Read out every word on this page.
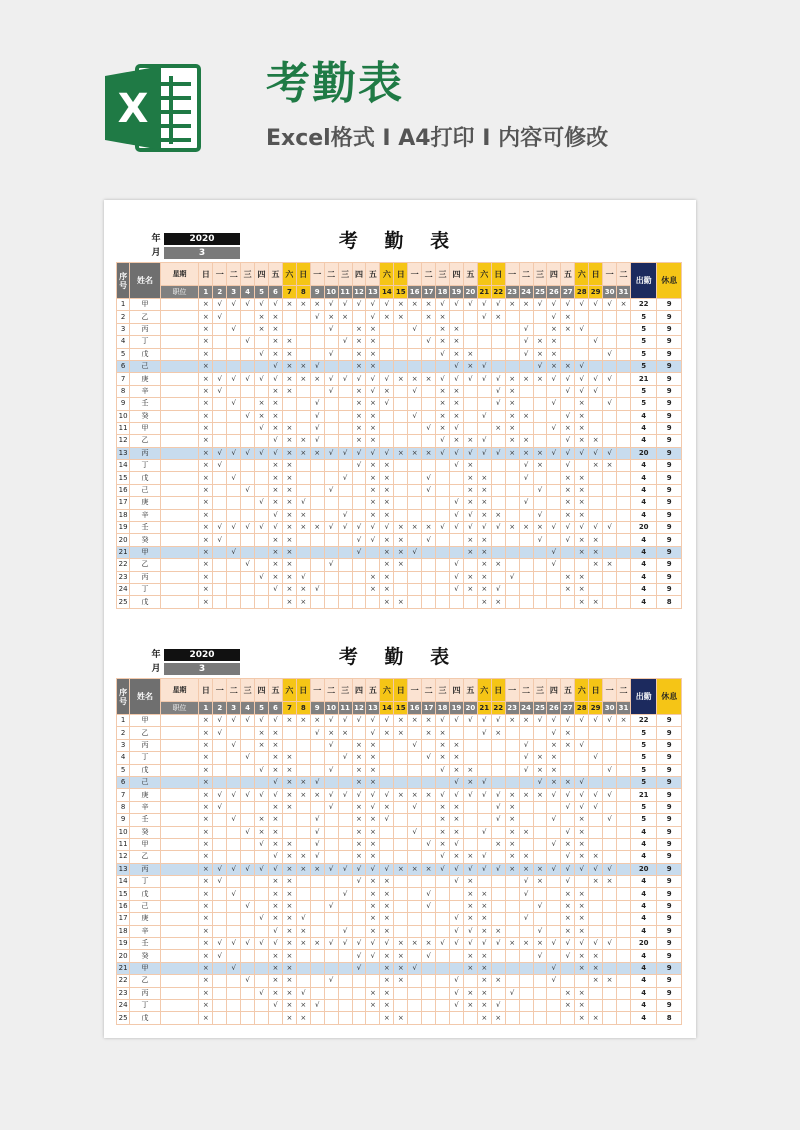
X	考勤表
Excel格式 I A4打印 I 内容可修改
年	2020
月	3
考 勤 表
序号	姓名	星期	日	一	二	三	四	五	六	日	一	二	三	四	五	六	日	一	二	三	四	五	六	日	一	二	三	四	五	六	日	一	二	出勤	休息
		职位	1	2	3	4	5	6	7	8	9	10	11	12	13	14	15	16	17	18	19	20	21	22	23	24	25	26	27	28	29	30	31		
1	甲		×	√	√	√	√	√	×	×	×	√	√	√	√	√	×	×	×	√	√	√	√	√	×	×	√	√	√	√	√	√	×	22	9
2	乙		×	√			×	×			√	×	×		√	×	×		×	×			√	×				√	×					5	9
3	丙		×		√		×	×				√		×	×			√		×	×					√		×	×	√				5	9
4	丁		×			√		×	×				√	×	×				√	×	×					√	×	×			√			5	9
5	戊		×				√	×	×			√		×	×					√	×	×				√	×	×				√		5	9
6	己		×					√	×	×	√			×	×						√	×	√				√	×	×	√				5	9
7	庚		×	√	√	√	√	√	×	×	×	√	√	√	√	√	×	×	×	√	√	√	√	√	×	×	×	√	√	√	√	√		21	9
8	辛		×	√				×	×			√		×	√	×		√		×	×			√	×				√	√	√			5	9
9	壬		×		√		×	×			√			×	×	√				×	×			√	×			√		×		√		5	9
10	癸		×			√	×	×			√			×	×			√		×	×		√		×	×			√	×				4	9
11	甲		×				√	×	×		√			×	×				√	×	√			×	×			√	×	×				4	9
12	乙		×					√	×	×	√			×	×					√	×	×	√		×	×			√	×	×			4	9
13	丙		×	√	√	√	√	√	×	×	×	√	√	√	√	√	×	×	×	√	√	√	√	√	×	×	×	√	√	√	√	√		20	9
14	丁		×	√				×	×					√	×	×					√	×				√	×		√		×	×		4	9
15	戊		×		√			×	×				√		×	×			√			×	×			√			×	×				4	9
16	己		×			√		×	×			√			×	×			√			×	×				√		×	×				4	9
17	庚		×				√	×	×	√					×	×					√	×	×			√			×	×				4	9
18	辛		×					√	×	×			√		×	×					√	√	×	×			√		×	×				4	9
19	壬		×	√	√	√	√	√	×	×	×	√	√	√	√	√	×	×	×	√	√	√	√	√	×	×	×	√	√	√	√	√		20	9
20	癸		×	√				×	×					√	√	×	×		√			×	×				√		√	×	×			4	9
21	甲		×		√			×	×					√		×	×	√				×	×					√		×	×			4	9
22	乙		×			√		×	×			√				×	×				√		×	×				√			×	×		4	9
23	丙		×				√	×	×	√					×	×					√	×	×		√				×	×				4	9
24	丁		×					√	×	×	√				×	×					√	×	×	√					×	×				4	9
25	戊		×						×	×						×	×						×	×						×	×			4	8
年	2020
月	3
考 勤 表
序号	姓名	星期	日	一	二	三	四	五	六	日	一	二	三	四	五	六	日	一	二	三	四	五	六	日	一	二	三	四	五	六	日	一	二	出勤	休息
		职位	1	2	3	4	5	6	7	8	9	10	11	12	13	14	15	16	17	18	19	20	21	22	23	24	25	26	27	28	29	30	31		
1	甲		×	√	√	√	√	√	×	×	×	√	√	√	√	√	×	×	×	√	√	√	√	√	×	×	√	√	√	√	√	√	×	22	9
2	乙		×	√			×	×			√	×	×		√	×	×		×	×			√	×				√	×					5	9
3	丙		×		√		×	×				√		×	×			√		×	×					√		×	×	√				5	9
4	丁		×			√		×	×				√	×	×				√	×	×					√	×	×			√			5	9
5	戊		×				√	×	×			√		×	×					√	×	×				√	×	×				√		5	9
6	己		×					√	×	×	√			×	×						√	×	√				√	×	×	√				5	9
7	庚		×	√	√	√	√	√	×	×	×	√	√	√	√	√	×	×	×	√	√	√	√	√	×	×	×	√	√	√	√	√		21	9
8	辛		×	√				×	×			√		×	√	×		√		×	×			√	×				√	√	√			5	9
9	壬		×		√		×	×			√			×	×	√				×	×			√	×			√		×		√		5	9
10	癸		×			√	×	×			√			×	×			√		×	×		√		×	×			√	×				4	9
11	甲		×				√	×	×		√			×	×				√	×	√			×	×			√	×	×				4	9
12	乙		×					√	×	×	√			×	×					√	×	×	√		×	×			√	×	×			4	9
13	丙		×	√	√	√	√	√	×	×	×	√	√	√	√	√	×	×	×	√	√	√	√	√	×	×	×	√	√	√	√	√		20	9
14	丁		×	√				×	×					√	×	×					√	×				√	×		√		×	×		4	9
15	戊		×		√			×	×				√		×	×			√			×	×			√			×	×				4	9
16	己		×			√		×	×			√			×	×			√			×	×				√		×	×				4	9
17	庚		×				√	×	×	√					×	×					√	×	×			√			×	×				4	9
18	辛		×					√	×	×			√		×	×					√	√	×	×			√		×	×				4	9
19	壬		×	√	√	√	√	√	×	×	×	√	√	√	√	√	×	×	×	√	√	√	√	√	×	×	×	√	√	√	√	√		20	9
20	癸		×	√				×	×					√	√	×	×		√			×	×				√		√	×	×			4	9
21	甲		×		√			×	×					√		×	×	√				×	×					√		×	×			4	9
22	乙		×			√		×	×			√				×	×				√		×	×				√			×	×		4	9
23	丙		×				√	×	×	√					×	×					√	×	×		√				×	×				4	9
24	丁		×					√	×	×	√				×	×					√	×	×	√					×	×				4	9
25	戊		×						×	×						×	×						×	×						×	×			4	8
